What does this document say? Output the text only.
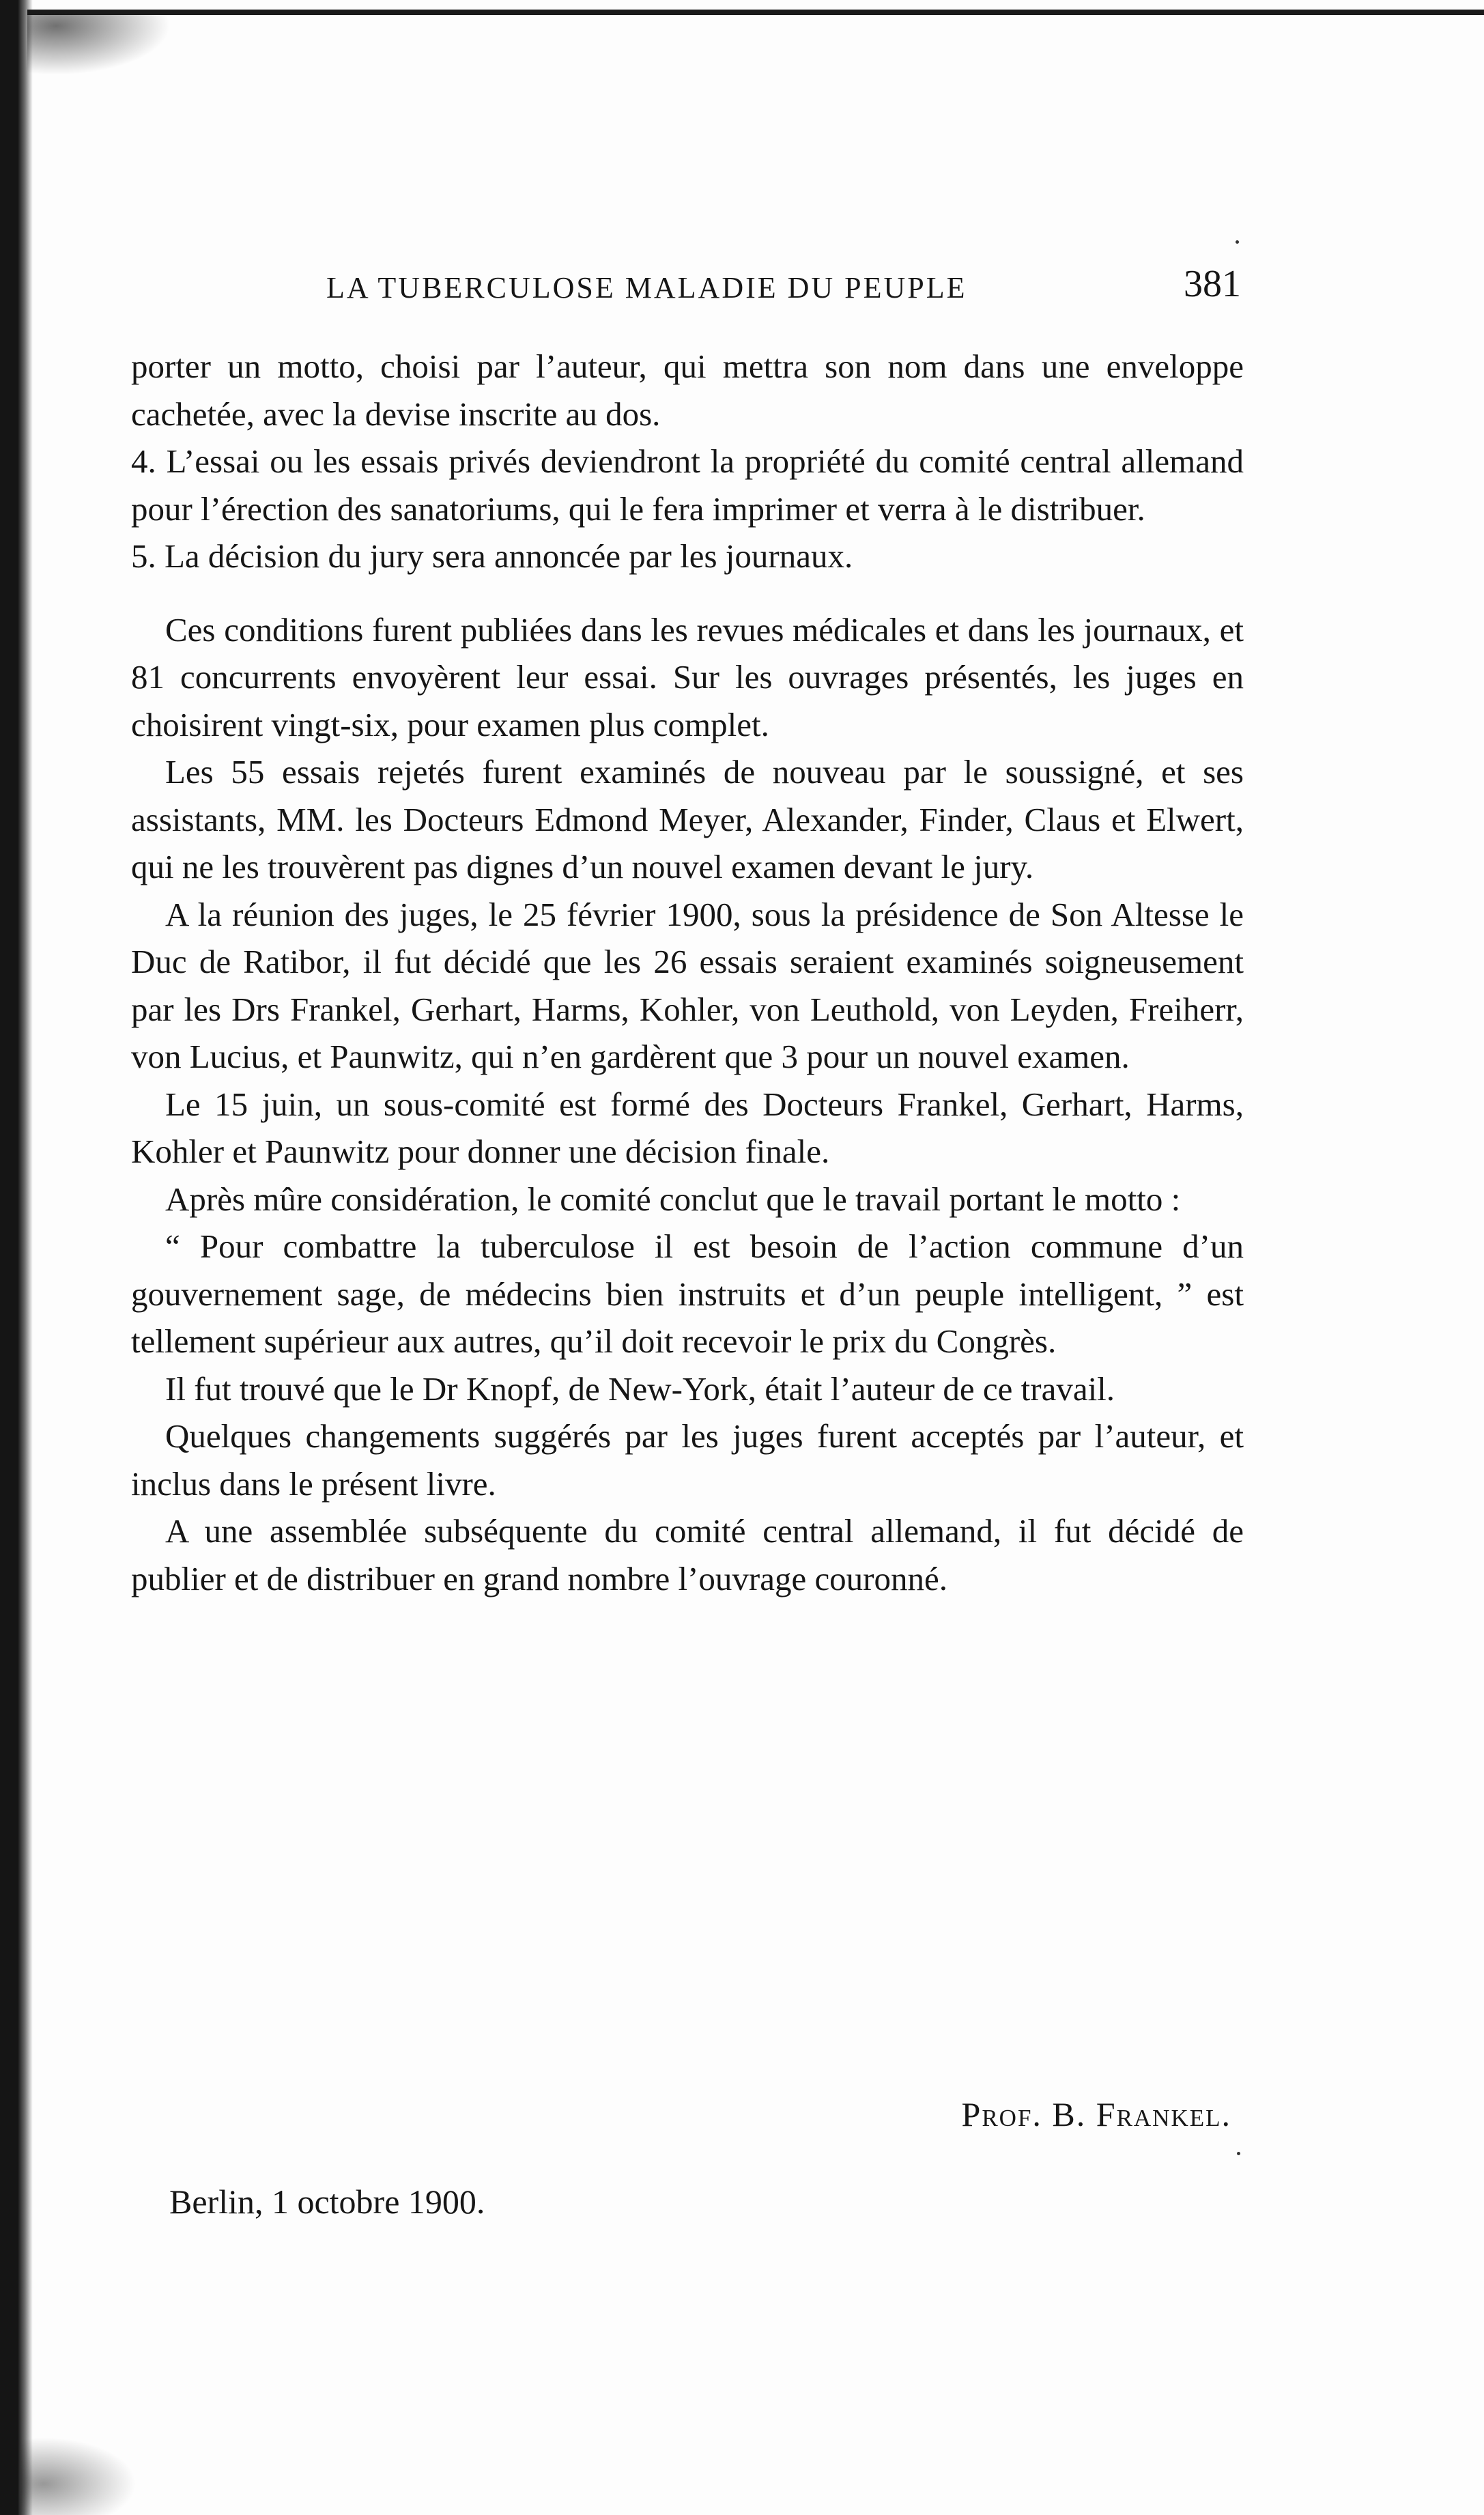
LA TUBERCULOSE MALADIE DU PEUPLE	381

porter un motto, choisi par l’auteur, qui mettra son nom dans une enveloppe cachetée, avec la devise inscrite au dos.

4. L’essai ou les essais privés deviendront la propriété du comité central allemand pour l’érection des sanatoriums, qui le fera imprimer et verra à le distribuer.

5. La décision du jury sera annoncée par les journaux.

Ces conditions furent publiées dans les revues médicales et dans les journaux, et 81 concurrents envoyèrent leur essai. Sur les ouvrages présentés, les juges en choisirent vingt-six, pour examen plus complet.

Les 55 essais rejetés furent examinés de nouveau par le soussigné, et ses assistants, MM. les Docteurs Edmond Meyer, Alexander, Finder, Claus et Elwert, qui ne les trouvèrent pas dignes d’un nouvel examen devant le jury.

A la réunion des juges, le 25 février 1900, sous la présidence de Son Altesse le Duc de Ratibor, il fut décidé que les 26 essais seraient examinés soigneusement par les Drs Frankel, Gerhart, Harms, Kohler, von Leuthold, von Leyden, Freiherr, von Lucius, et Paunwitz, qui n’en gardèrent que 3 pour un nouvel examen.

Le 15 juin, un sous-comité est formé des Docteurs Frankel, Gerhart, Harms, Kohler et Paunwitz pour donner une décision finale.

Après mûre considération, le comité conclut que le travail portant le motto :

“ Pour combattre la tuberculose il est besoin de l’action commune d’un gouvernement sage, de médecins bien instruits et d’un peuple intelligent, ” est tellement supérieur aux autres, qu’il doit recevoir le prix du Congrès.

Il fut trouvé que le Dr Knopf, de New-York, était l’auteur de ce travail.

Quelques changements suggérés par les juges furent acceptés par l’auteur, et inclus dans le présent livre.

A une assemblée subséquente du comité central allemand, il fut décidé de publier et de distribuer en grand nombre l’ouvrage couronné.

Prof. B. Frankel.
Berlin, 1 octobre 1900.
